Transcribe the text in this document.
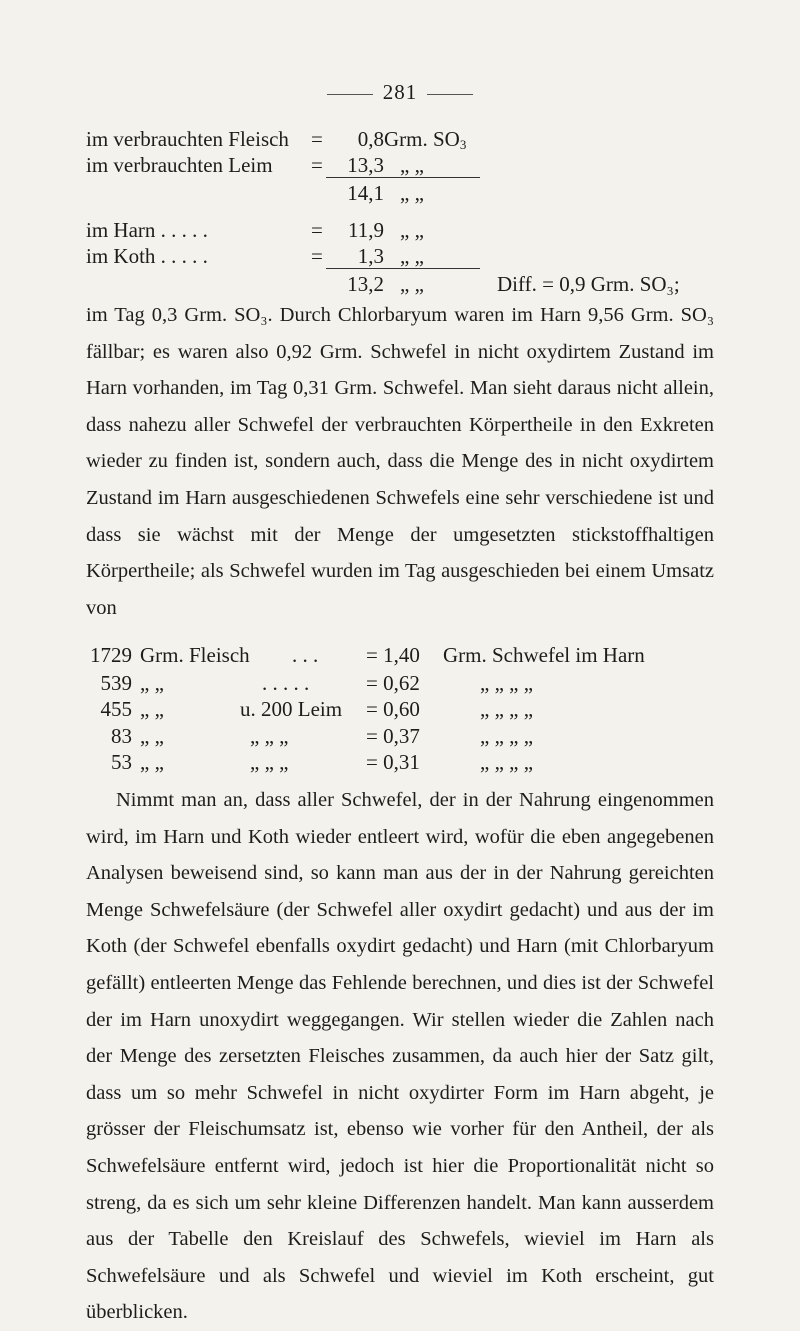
281
im verbrauchten Fleisch =	0,8 Grm. $SO_3$
im verbrauchten Leim =	13,3 „ „
14,1 „ „
im Harn . . . . .	=	11,9 „ „
im Koth . . . . .	=	1,3 „ „
13,2 „ „	Diff. = 0,9 Grm. SO₃;
im Tag 0,3 Grm. SO₃. Durch Chlorbaryum waren im Harn 9,56 Grm. SO₃ fällbar; es waren also 0,92 Grm. Schwefel in nicht oxydirtem Zustand im Harn vorhanden, im Tag 0,31 Grm. Schwefel. Man sieht daraus nicht allein, dass nahezu aller Schwefel der verbrauchten Körpertheile in den Exkreten wieder zu finden ist, sondern auch, dass die Menge des in nicht oxydirtem Zustand im Harn ausgeschiedenen Schwefels eine sehr verschiedene ist und dass sie wächst mit der Menge der umgesetzten stickstoffhaltigen Körpertheile; als Schwefel wurden im Tag ausgeschieden bei einem Umsatz von
1729 Grm. Fleisch . . . = 1,40 Grm. Schwefel im Harn
539 „ „	. . . . .	= 0,62	„ „ „ „
455 „ „	u. 200 Leim = 0,60	„ „ „ „
83 „ „	„ „ „	= 0,37	„ „ „ „
53 „ „	„ „ „	= 0,31	„ „ „ „
Nimmt man an, dass aller Schwefel, der in der Nahrung eingenommen wird, im Harn und Koth wieder entleert wird, wofür die eben angegebenen Analysen beweisend sind, so kann man aus der in der Nahrung gereichten Menge Schwefelsäure (der Schwefel aller oxydirt gedacht) und aus der im Koth (der Schwefel ebenfalls oxydirt gedacht) und Harn (mit Chlorbaryum gefällt) entleerten Menge das Fehlende berechnen, und dies ist der Schwefel der im Harn unoxydirt weggegangen. Wir stellen wieder die Zahlen nach der Menge des zersetzten Fleisches zusammen, da auch hier der Satz gilt, dass um so mehr Schwefel in nicht oxydirter Form im Harn abgeht, je grösser der Fleischumsatz ist, ebenso wie vorher für den Antheil, der als Schwefelsäure entfernt wird, jedoch ist hier die Proportionalität nicht so streng, da es sich um sehr kleine Differenzen handelt. Man kann ausserdem aus der Tabelle den Kreislauf des Schwefels, wieviel im Harn als Schwefelsäure und als Schwefel und wieviel im Koth erscheint, gut überblicken.
